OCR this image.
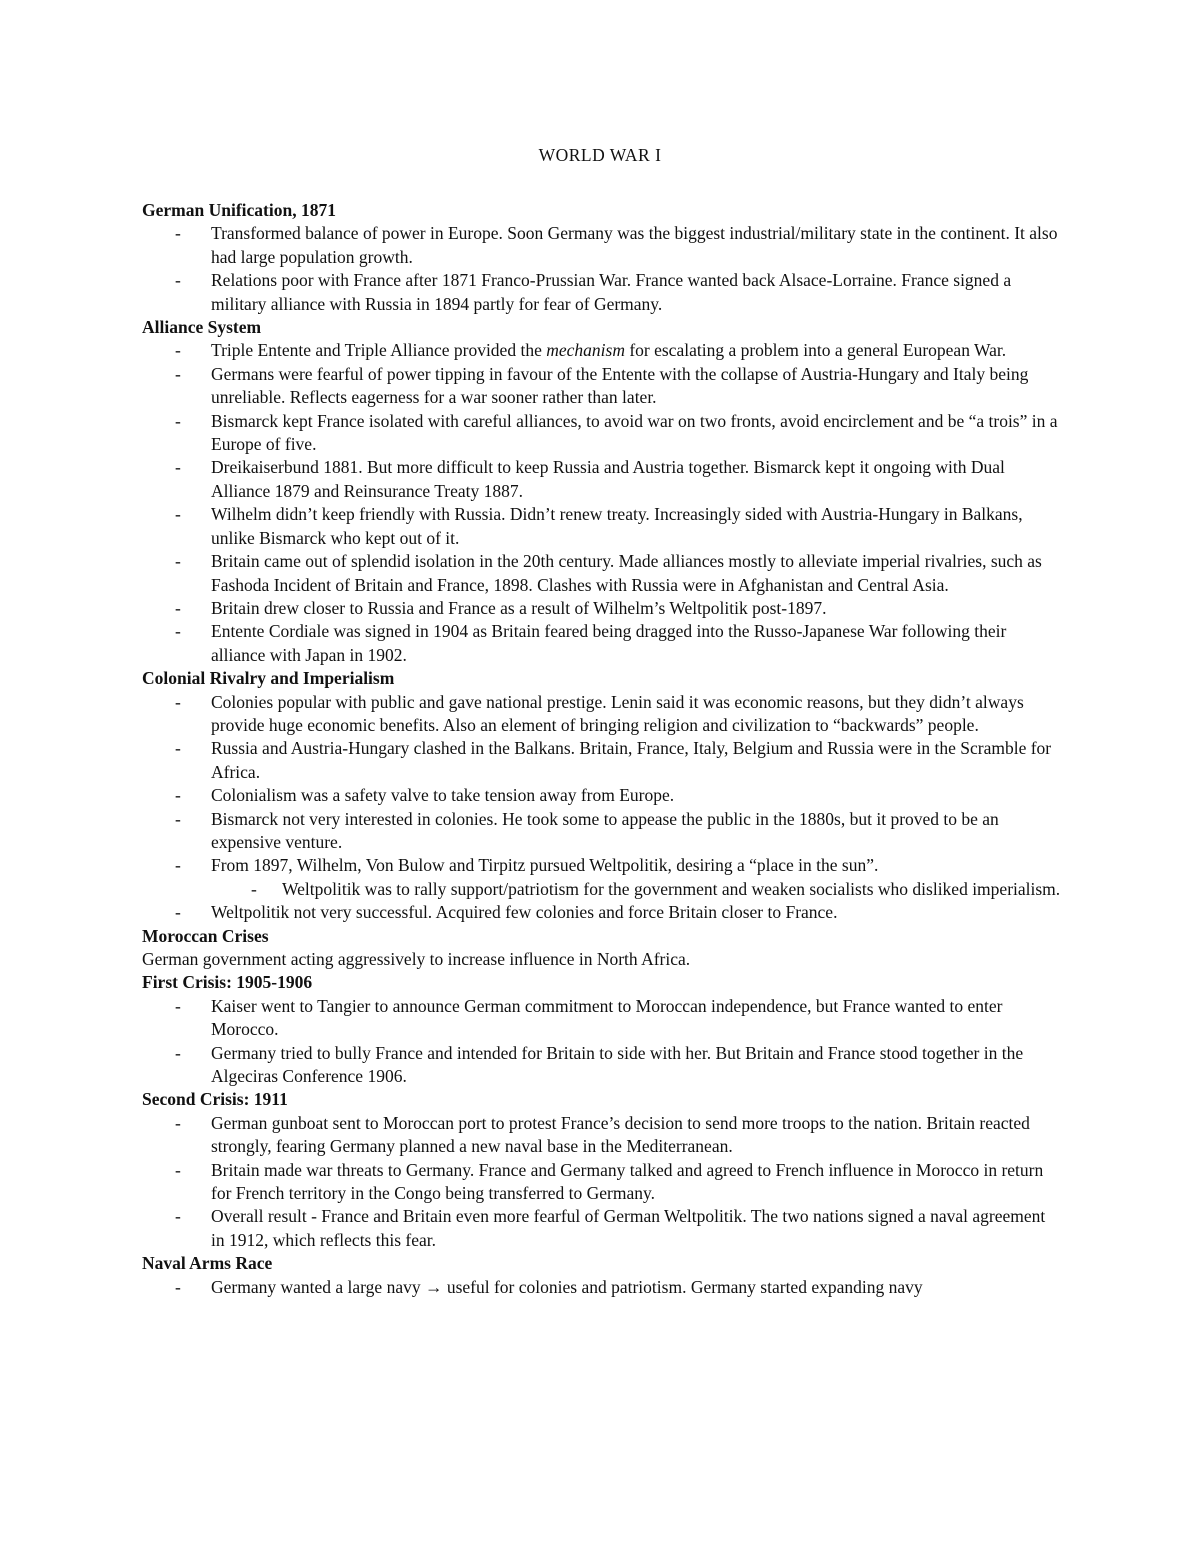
WORLD WAR I
German Unification, 1871
- Transformed balance of power in Europe. Soon Germany was the biggest industrial/military state in the continent. It also had large population growth.
- Relations poor with France after 1871 Franco-Prussian War. France wanted back Alsace-Lorraine. France signed a military alliance with Russia in 1894 partly for fear of Germany.
Alliance System
- Triple Entente and Triple Alliance provided the mechanism for escalating a problem into a general European War.
- Germans were fearful of power tipping in favour of the Entente with the collapse of Austria-Hungary and Italy being unreliable. Reflects eagerness for a war sooner rather than later.
- Bismarck kept France isolated with careful alliances, to avoid war on two fronts, avoid encirclement and be “a trois” in a Europe of five.
- Dreikaiserbund 1881. But more difficult to keep Russia and Austria together. Bismarck kept it ongoing with Dual Alliance 1879 and Reinsurance Treaty 1887.
- Wilhelm didn’t keep friendly with Russia. Didn’t renew treaty. Increasingly sided with Austria-Hungary in Balkans, unlike Bismarck who kept out of it.
- Britain came out of splendid isolation in the 20th century. Made alliances mostly to alleviate imperial rivalries, such as Fashoda Incident of Britain and France, 1898. Clashes with Russia were in Afghanistan and Central Asia.
- Britain drew closer to Russia and France as a result of Wilhelm’s Weltpolitik post-1897.
- Entente Cordiale was signed in 1904 as Britain feared being dragged into the Russo-Japanese War following their alliance with Japan in 1902.
Colonial Rivalry and Imperialism
- Colonies popular with public and gave national prestige. Lenin said it was economic reasons, but they didn’t always provide huge economic benefits. Also an element of bringing religion and civilization to “backwards” people.
- Russia and Austria-Hungary clashed in the Balkans. Britain, France, Italy, Belgium and Russia were in the Scramble for Africa.
- Colonialism was a safety valve to take tension away from Europe.
- Bismarck not very interested in colonies. He took some to appease the public in the 1880s, but it proved to be an expensive venture.
- From 1897, Wilhelm, Von Bulow and Tirpitz pursued Weltpolitik, desiring a “place in the sun”.
- Weltpolitik was to rally support/patriotism for the government and weaken socialists who disliked imperialism.
- Weltpolitik not very successful. Acquired few colonies and force Britain closer to France.
Moroccan Crises

German government acting aggressively to increase influence in North Africa.

First Crisis: 1905-1906
- Kaiser went to Tangier to announce German commitment to Moroccan independence, but France wanted to enter Morocco.
- Germany tried to bully France and intended for Britain to side with her. But Britain and France stood together in the Algeciras Conference 1906.
Second Crisis: 1911
- German gunboat sent to Moroccan port to protest France’s decision to send more troops to the nation. Britain reacted strongly, fearing Germany planned a new naval base in the Mediterranean.
- Britain made war threats to Germany. France and Germany talked and agreed to French influence in Morocco in return for French territory in the Congo being transferred to Germany.
- Overall result - France and Britain even more fearful of German Weltpolitik. The two nations signed a naval agreement in 1912, which reflects this fear.
Naval Arms Race
- Germany wanted a large navy → useful for colonies and patriotism. Germany started expanding navy
